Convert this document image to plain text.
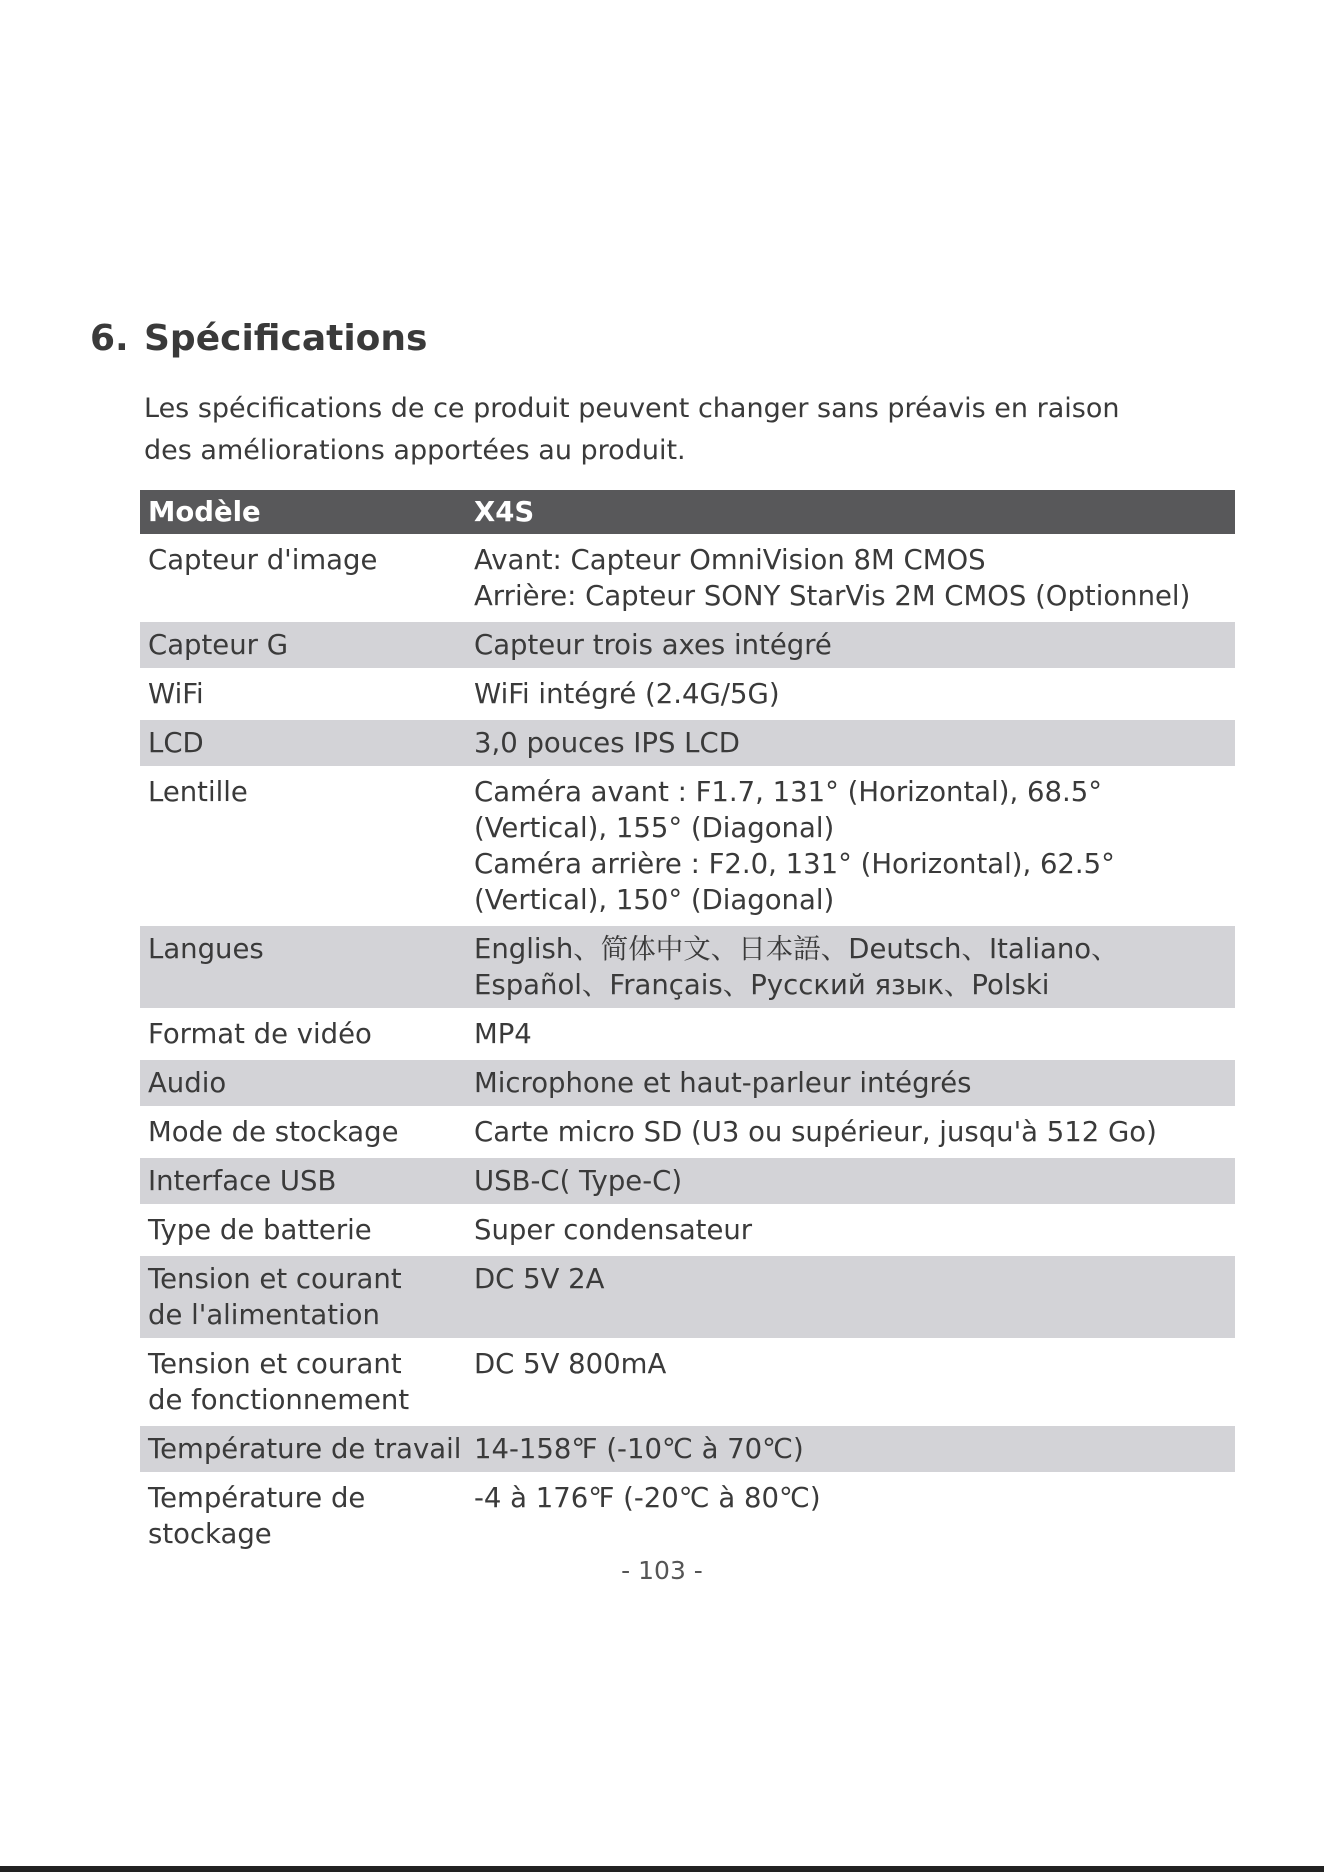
6. Spécifications

Les spécifications de ce produit peuvent changer sans préavis en raison
des améliorations apportées au produit.

Modèle	X4S

Capteur d'image	Avant: Capteur OmniVision 8M CMOS
Arrière: Capteur SONY StarVis 2M CMOS (Optionnel)

Capteur G	Capteur trois axes intégré

WiFi	WiFi intégré (2.4G/5G)

LCD	3,0 pouces IPS LCD

Lentille	Caméra avant : F1.7, 131° (Horizontal), 68.5°
(Vertical), 155° (Diagonal)
Caméra arrière : F2.0, 131° (Horizontal), 62.5°
(Vertical), 150° (Diagonal)

Langues	English、简体中文、日本語、Deutsch、Italiano、
Español、Français、Русский язык、Polski

Format de vidéo	MP4

Audio	Microphone et haut-parleur intégrés

Mode de stockage	Carte micro SD (U3 ou supérieur, jusqu'à 512 Go)

Interface USB	USB-C( Type-C)

Type de batterie	Super condensateur

Tension et courant
de l'alimentation	DC 5V 2A

Tension et courant
de fonctionnement	DC 5V 800mA

Température de travail	14-158℉ (-10℃ à 70℃)

Température de
stockage	-4 à 176℉ (-20℃ à 80℃)
- 103 -
